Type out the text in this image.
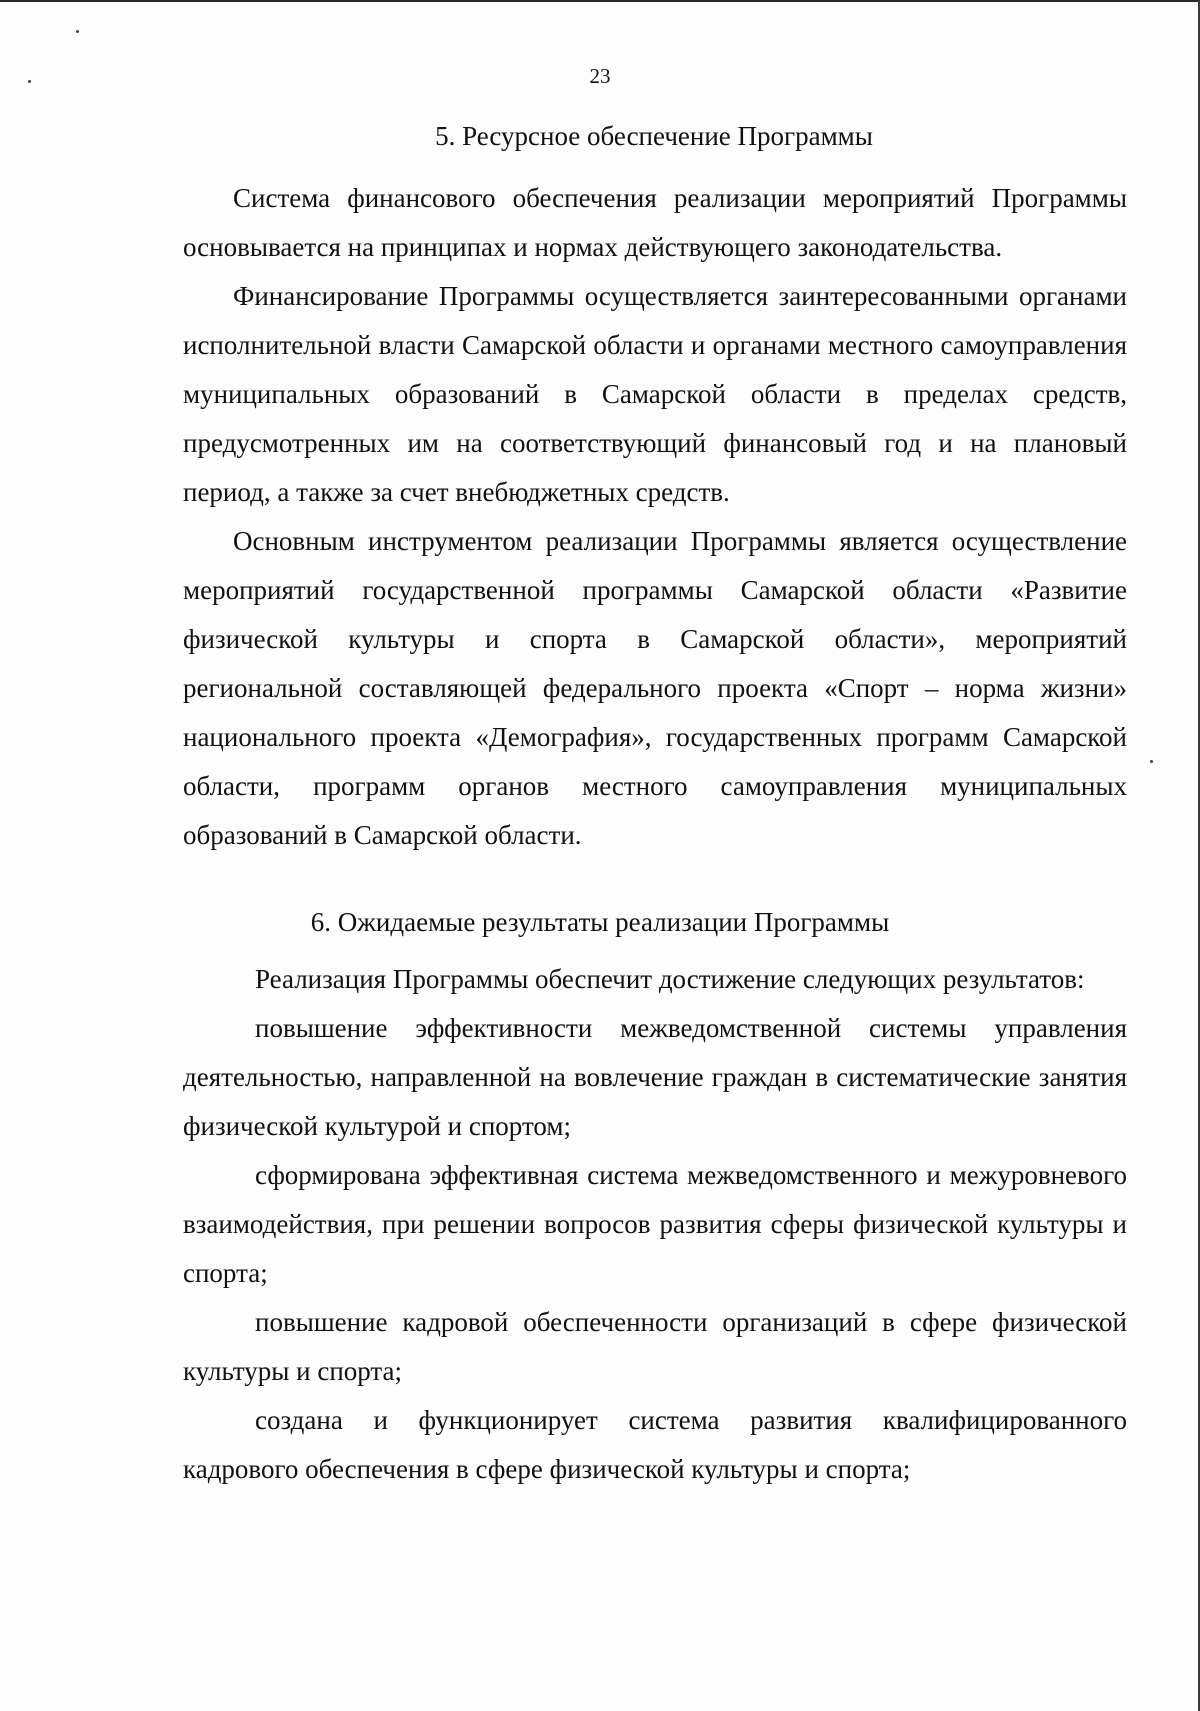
23
5. Ресурсное обеспечение Программы

Система финансового обеспечения реализации мероприятий Программы основывается на принципах и нормах действующего законодательства.

Финансирование Программы осуществляется заинтересованными органами исполнительной власти Самарской области и органами местного самоуправления муниципальных образований в Самарской области в пределах средств, предусмотренных им на соответствующий финансовый год и на плановый период, а также за счет внебюджетных средств.

Основным инструментом реализации Программы является осуществление мероприятий государственной программы Самарской области «Развитие физической культуры и спорта в Самарской области», мероприятий региональной составляющей федерального проекта «Спорт – норма жизни» национального проекта «Демография», государственных программ Самарской области, программ органов местного самоуправления муниципальных образований в Самарской области.

6. Ожидаемые результаты реализации Программы

Реализация Программы обеспечит достижение следующих результатов:

повышение эффективности межведомственной системы управления деятельностью, направленной на вовлечение граждан в систематические занятия физической культурой и спортом;

сформирована эффективная система межведомственного и межуровневого взаимодействия, при решении вопросов развития сферы физической культуры и спорта;

повышение кадровой обеспеченности организаций в сфере физической культуры и спорта;

создана и функционирует система развития квалифицированного кадрового обеспечения в сфере физической культуры и спорта;
